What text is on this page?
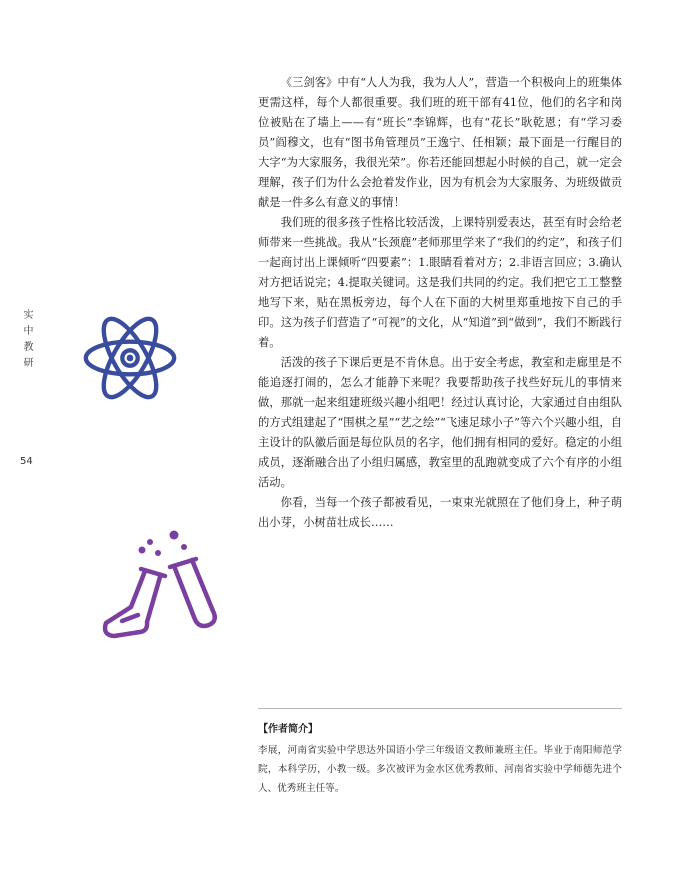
实中教研
54

《三剑客》中有“人人为我，我为人人”，营造一个积极向上的班集体更需这样，每个人都很重要。我们班的班干部有41位，他们的名字和岗位被贴在了墙上——有“班长”李锦辉，也有“花长”耿乾恩；有“学习委员”阎穆文，也有“图书角管理员”王逸宁、任相颖；最下面是一行醒目的大字“为大家服务，我很光荣”。你若还能回想起小时候的自己，就一定会理解，孩子们为什么会抢着发作业，因为有机会为大家服务、为班级做贡献是一件多么有意义的事情！

我们班的很多孩子性格比较活泼，上课特别爱表达，甚至有时会给老师带来一些挑战。我从“长颈鹿”老师那里学来了“我们的约定”，和孩子们一起商讨出上课倾听“四要素”：1.眼睛看着对方；2.非语言回应；3.确认对方把话说完；4.提取关键词。这是我们共同的约定。我们把它工工整整地写下来，贴在黑板旁边，每个人在下面的大树里郑重地按下自己的手印。这为孩子们营造了“可视”的文化，从“知道”到“做到”，我们不断践行着。

活泼的孩子下课后更是不肯休息。出于安全考虑，教室和走廊里是不能追逐打闹的，怎么才能静下来呢？我要帮助孩子找些好玩儿的事情来做，那就一起来组建班级兴趣小组吧！经过认真讨论，大家通过自由组队的方式组建起了“围棋之星”“艺之绘”“飞速足球小子”等六个兴趣小组，自主设计的队徽后面是每位队员的名字，他们拥有相同的爱好。稳定的小组成员，逐渐融合出了小组归属感，教室里的乱跑就变成了六个有序的小组活动。

你看，当每一个孩子都被看见，一束束光就照在了他们身上，种子萌出小芽，小树苗壮成长……

【作者简介】
李展，河南省实验中学思达外国语小学三年级语文教师兼班主任。毕业于南阳师范学院，本科学历，小教一级。多次被评为金水区优秀教师、河南省实验中学师德先进个人、优秀班主任等。
